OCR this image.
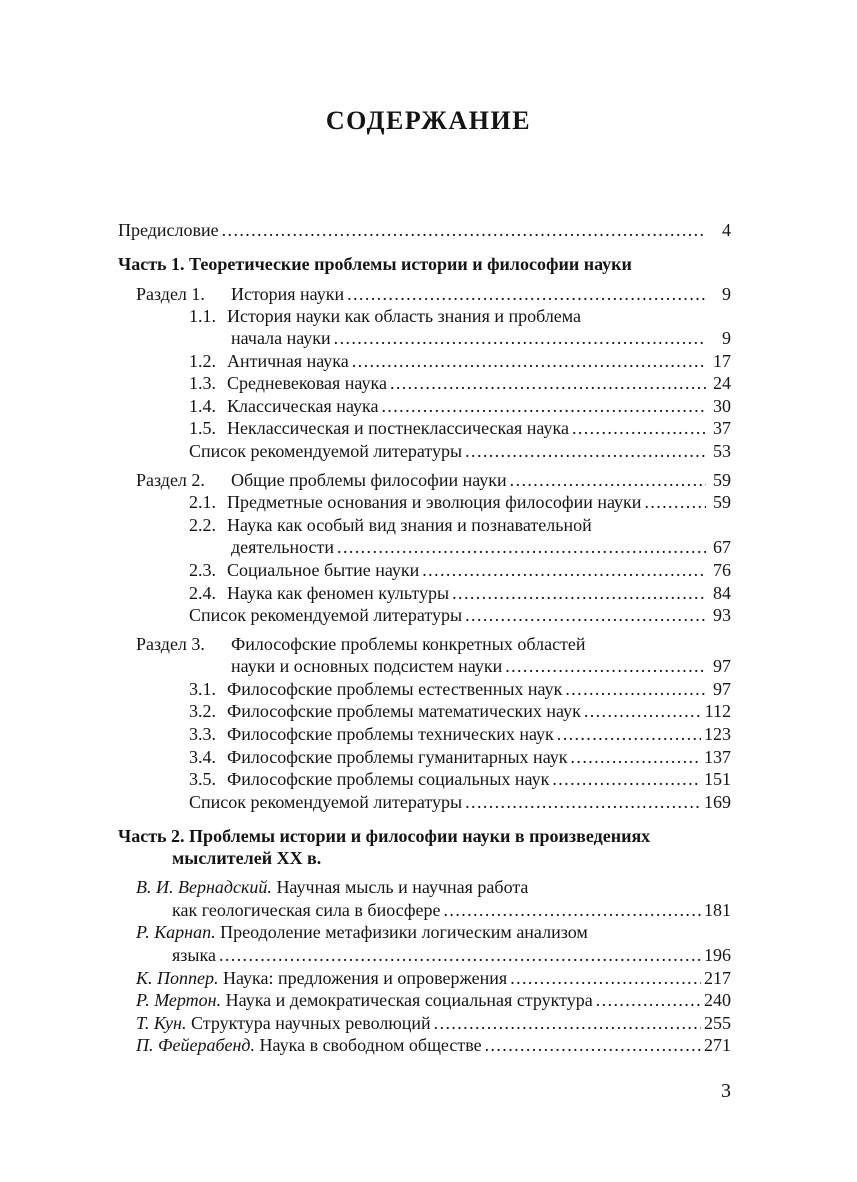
СОДЕРЖАНИЕ
Предисловие .....	4
Часть 1. Теоретические проблемы истории и философии науки
Раздел 1.	История науки .....	9
1.1. История науки как область знания и проблема
начала науки .....	9
1.2. Античная наука .....	17
1.3. Средневековая наука .....	24
1.4. Классическая наука .....	30
1.5. Неклассическая и постнеклассическая наука .....	37
Список рекомендуемой литературы .....	53
Раздел 2.	Общие проблемы философии науки .....	59
2.1. Предметные основания и эволюция философии науки .....	59
2.2. Наука как особый вид знания и познавательной
деятельности .....	67
2.3. Социальное бытие науки .....	76
2.4. Наука как феномен культуры .....	84
Список рекомендуемой литературы .....	93
Раздел 3.	Философские проблемы конкретных областей
науки и основных подсистем науки .....	97
3.1. Философские проблемы естественных наук .....	97
3.2. Философские проблемы математических наук .....	112
3.3. Философские проблемы технических наук .....	123
3.4. Философские проблемы гуманитарных наук .....	137
3.5. Философские проблемы социальных наук .....	151
Список рекомендуемой литературы .....	169
Часть 2. Проблемы истории и философии науки в произведениях
мыслителей XX в.
В. И. Вернадский.
Научная мысль и научная работа
как геологическая сила в биосфере .....	181
Р. Карнап.
Преодоление метафизики логическим анализом
языка .....	196
К. Поппер.
Наука: предложения и опровержения .....	217
Р. Мертон.
Наука и демократическая социальная структура .....	240
Т. Кун.
Структура научных революций .....	255
П. Фейерабенд.
Наука в свободном обществе .....	271
3
